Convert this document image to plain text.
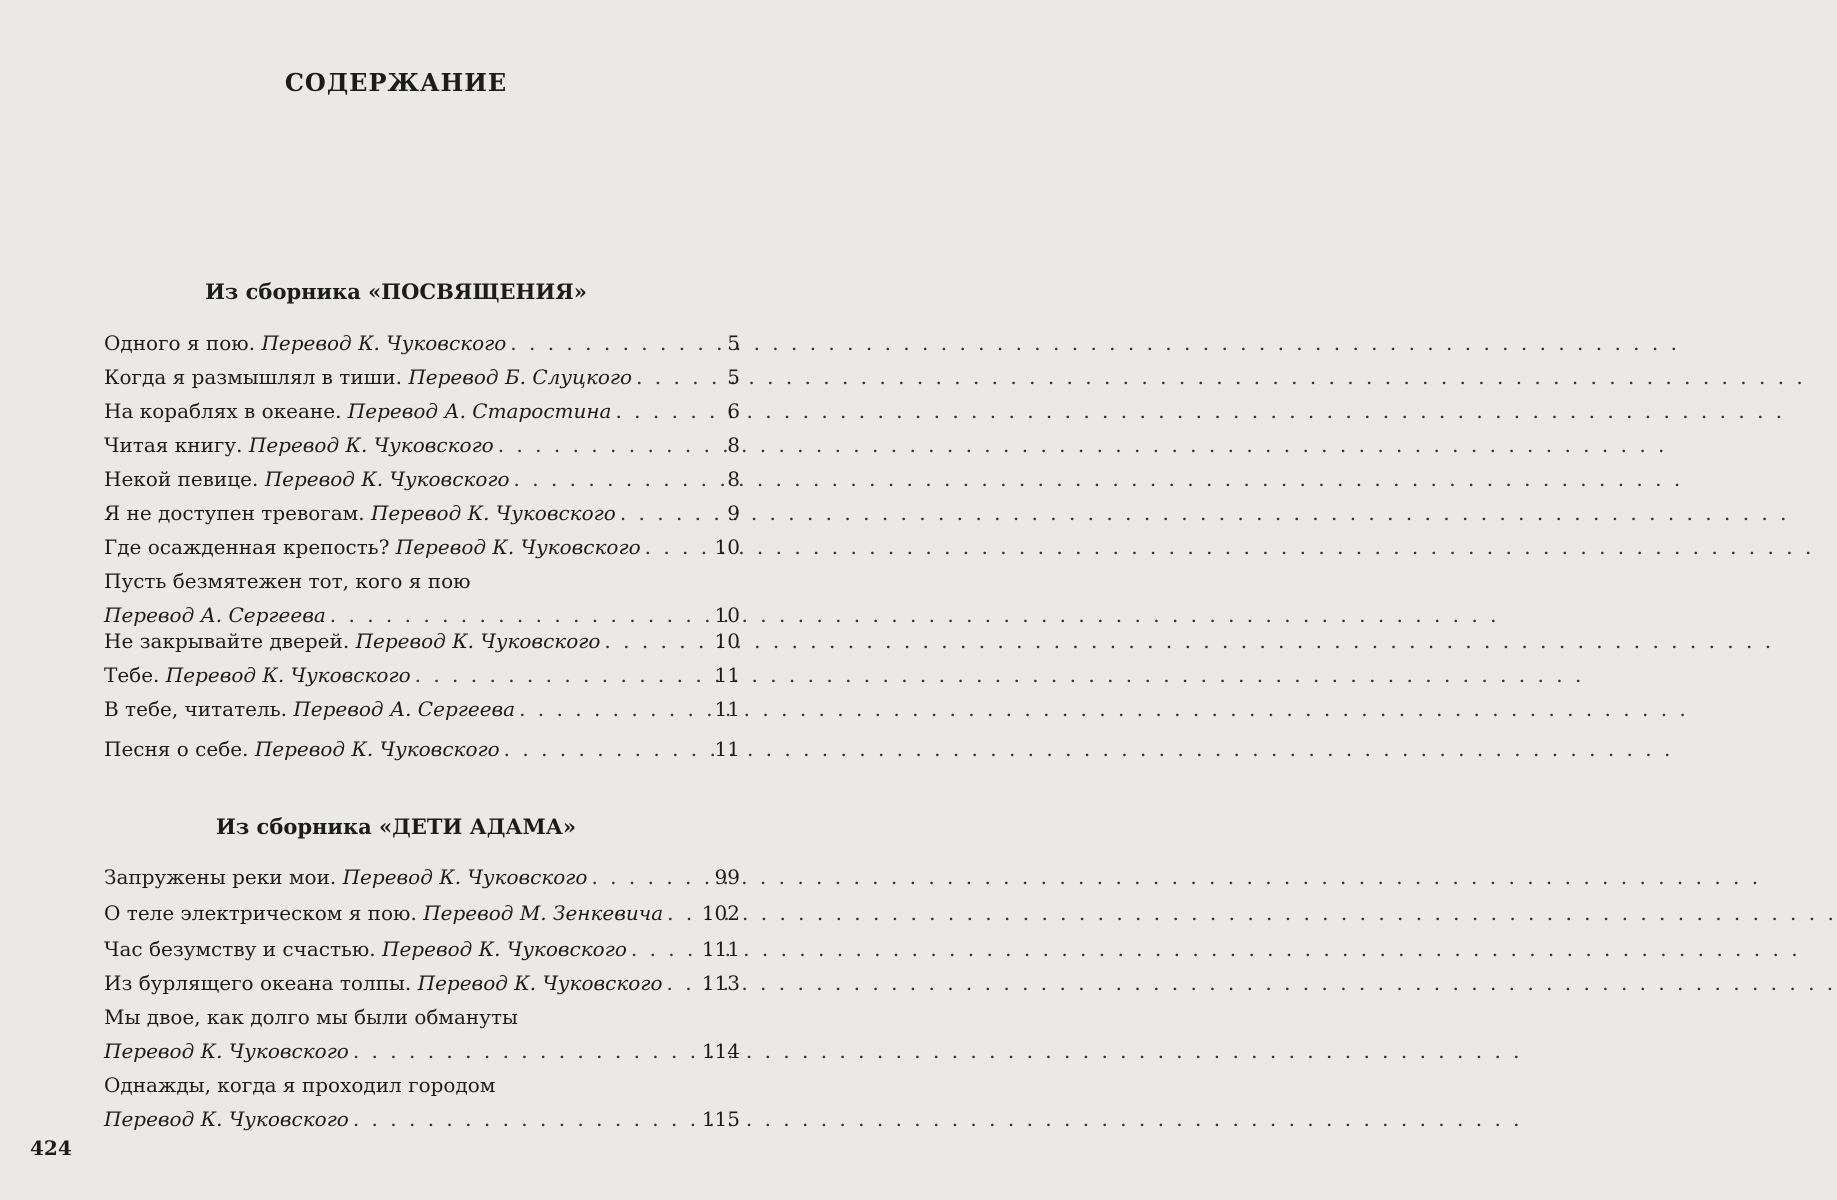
СОДЕРЖАНИЕ
Из сборника «ПОСВЯЩЕНИЯ»
Одного я пою.
Перевод К. Чуковского . . .	5
Когда я размышлял в тиши.
Перевод Б. Слуцкого . . .	5
На кораблях в океане.
Перевод А. Старостина . . .	6
Читая книгу.
Перевод К. Чуковского . . .	8
Некой певице.
Перевод К. Чуковского . . .	8
Я не доступен тревогам.
Перевод К. Чуковского . . .	9
Где осажденная крепость?
Перевод К. Чуковского . . .	10
Пусть безмятежен тот, кого я пою
Перевод А. Сергеева . . .	10
Не закрывайте дверей.
Перевод К. Чуковского . . .	10
Тебе.
Перевод К. Чуковского . . .	11
В тебе, читатель.
Перевод А. Сергеева . . .	11
Песня о себе.
Перевод К. Чуковского . . .	11
Из сборника «ДЕТИ АДАМА»
Запружены реки мои.
Перевод К. Чуковского . . .	99
О теле электрическом я пою.
Перевод М. Зенкевича . . . 102
Час безумству и счастью.
Перевод К. Чуковского . . .	111
Из бурлящего океана толпы.
Перевод К. Чуковского . . . 113
Мы двое, как долго мы были обмануты
Перевод К. Чуковского . . .	114
Однажды, когда я проходил городом
Перевод К. Чуковского . . .	115
424
